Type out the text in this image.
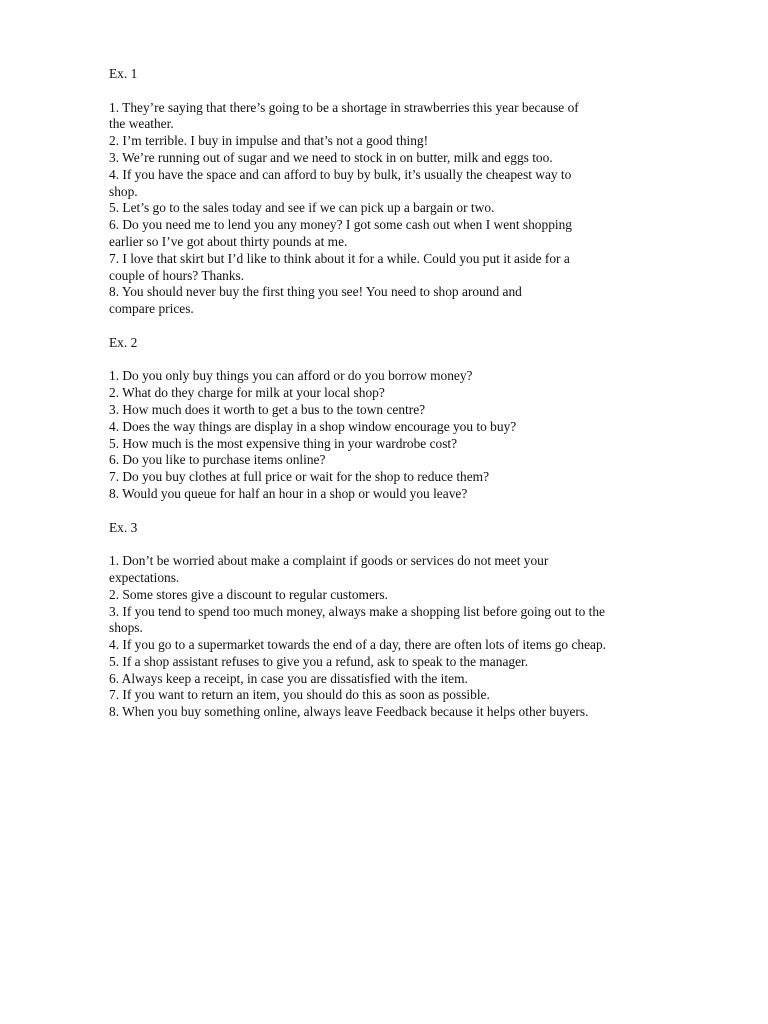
Ex. 1
1. They’re saying that there’s going to be a shortage in strawberries this year because of
the weather.
2. I’m terrible. I buy in impulse and that’s not a good thing!
3. We’re running out of sugar and we need to stock in on butter, milk and eggs too.
4. If you have the space and can afford to buy by bulk, it’s usually the cheapest way to
shop.
5. Let’s go to the sales today and see if we can pick up a bargain or two.
6. Do you need me to lend you any money? I got some cash out when I went shopping
earlier so I’ve got about thirty pounds at me.
7. I love that skirt but I’d like to think about it for a while. Could you put it aside for a
couple of hours? Thanks.
8. You should never buy the first thing you see! You need to shop around and
compare prices.
Ex. 2
1. Do you only buy things you can afford or do you borrow money?
2. What do they charge for milk at your local shop?
3. How much does it worth to get a bus to the town centre?
4. Does the way things are display in a shop window encourage you to buy?
5. How much is the most expensive thing in your wardrobe cost?
6. Do you like to purchase items online?
7. Do you buy clothes at full price or wait for the shop to reduce them?
8. Would you queue for half an hour in a shop or would you leave?
Ex. 3
1. Don’t be worried about make a complaint if goods or services do not meet your
expectations.
2. Some stores give a discount to regular customers.
3. If you tend to spend too much money, always make a shopping list before going out to the
shops.
4. If you go to a supermarket towards the end of a day, there are often lots of items go cheap.
5. If a shop assistant refuses to give you a refund, ask to speak to the manager.
6. Always keep a receipt, in case you are dissatisfied with the item.
7. If you want to return an item, you should do this as soon as possible.
8. When you buy something online, always leave Feedback because it helps other buyers.
